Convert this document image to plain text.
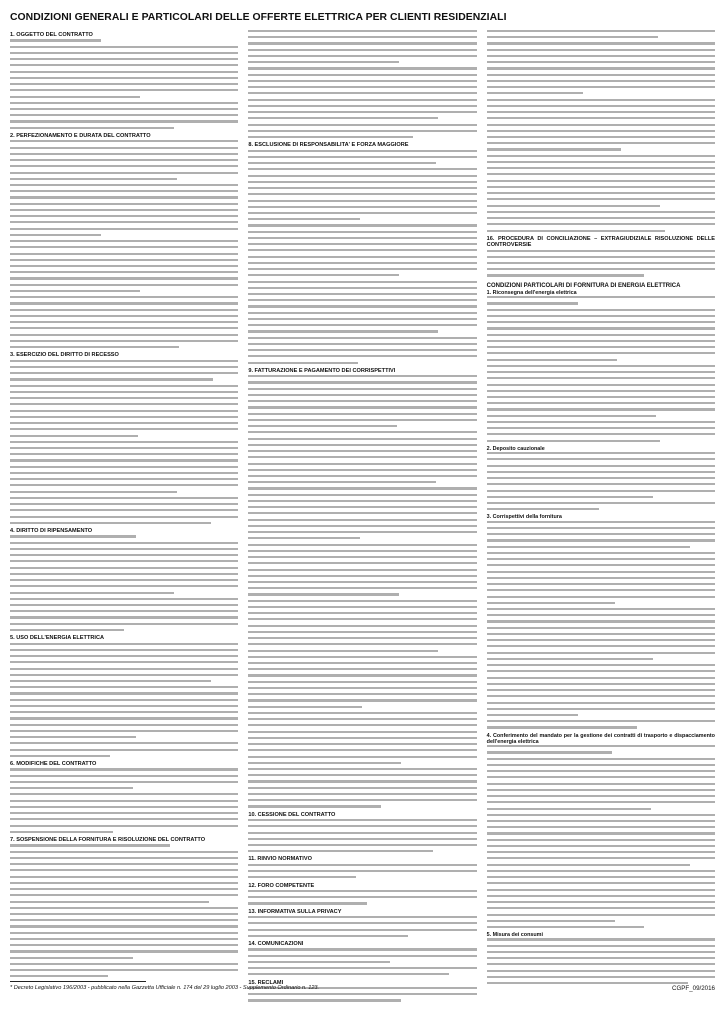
CONDIZIONI GENERALI E PARTICOLARI DELLE OFFERTE ELETTRICA PER CLIENTI RESIDENZIALI
1. OGGETTO DEL CONTRATTO
2. PERFEZIONAMENTO E DURATA DEL CONTRATTO
3. ESERCIZIO DEL DIRITTO DI RECESSO
4. DIRITTO DI RIPENSAMENTO
5. USO DELL'ENERGIA ELETTRICA
6. MODIFICHE DEL CONTRATTO
7. SOSPENSIONE DELLA FORNITURA E RISOLUZIONE DEL CONTRATTO
8. ESCLUSIONE DI RESPONSABILITA' E FORZA MAGGIORE
9. FATTURAZIONE E PAGAMENTO DEI CORRISPETTIVI
10. CESSIONE DEL CONTRATTO
11. RINVIO NORMATIVO
12. FORO COMPETENTE
13. INFORMATIVA SULLA PRIVACY
14. COMUNICAZIONI
15. RECLAMI
16. PROCEDURA DI CONCILIAZIONE – EXTRAGIUDIZIALE RISOLUZIONE DELLE CONTROVERSIE
CONDIZIONI PARTICOLARI DI FORNITURA DI ENERGIA ELETTRICA
1. Riconsegna dell'energia elettrica
2. Deposito cauzionale
3. Corrispettivi della fornitura
4. Conferimento del mandato per la gestione dei contratti di trasporto e dispacciamento dell'energia elettrica
5. Misura dei consumi
* Decreto Legislativo 196/2003 - pubblicato nella Gazzetta Ufficiale n. 174 del 29 luglio 2003 - Supplemento Ordinario n. 123.	CGPF_09/2016
